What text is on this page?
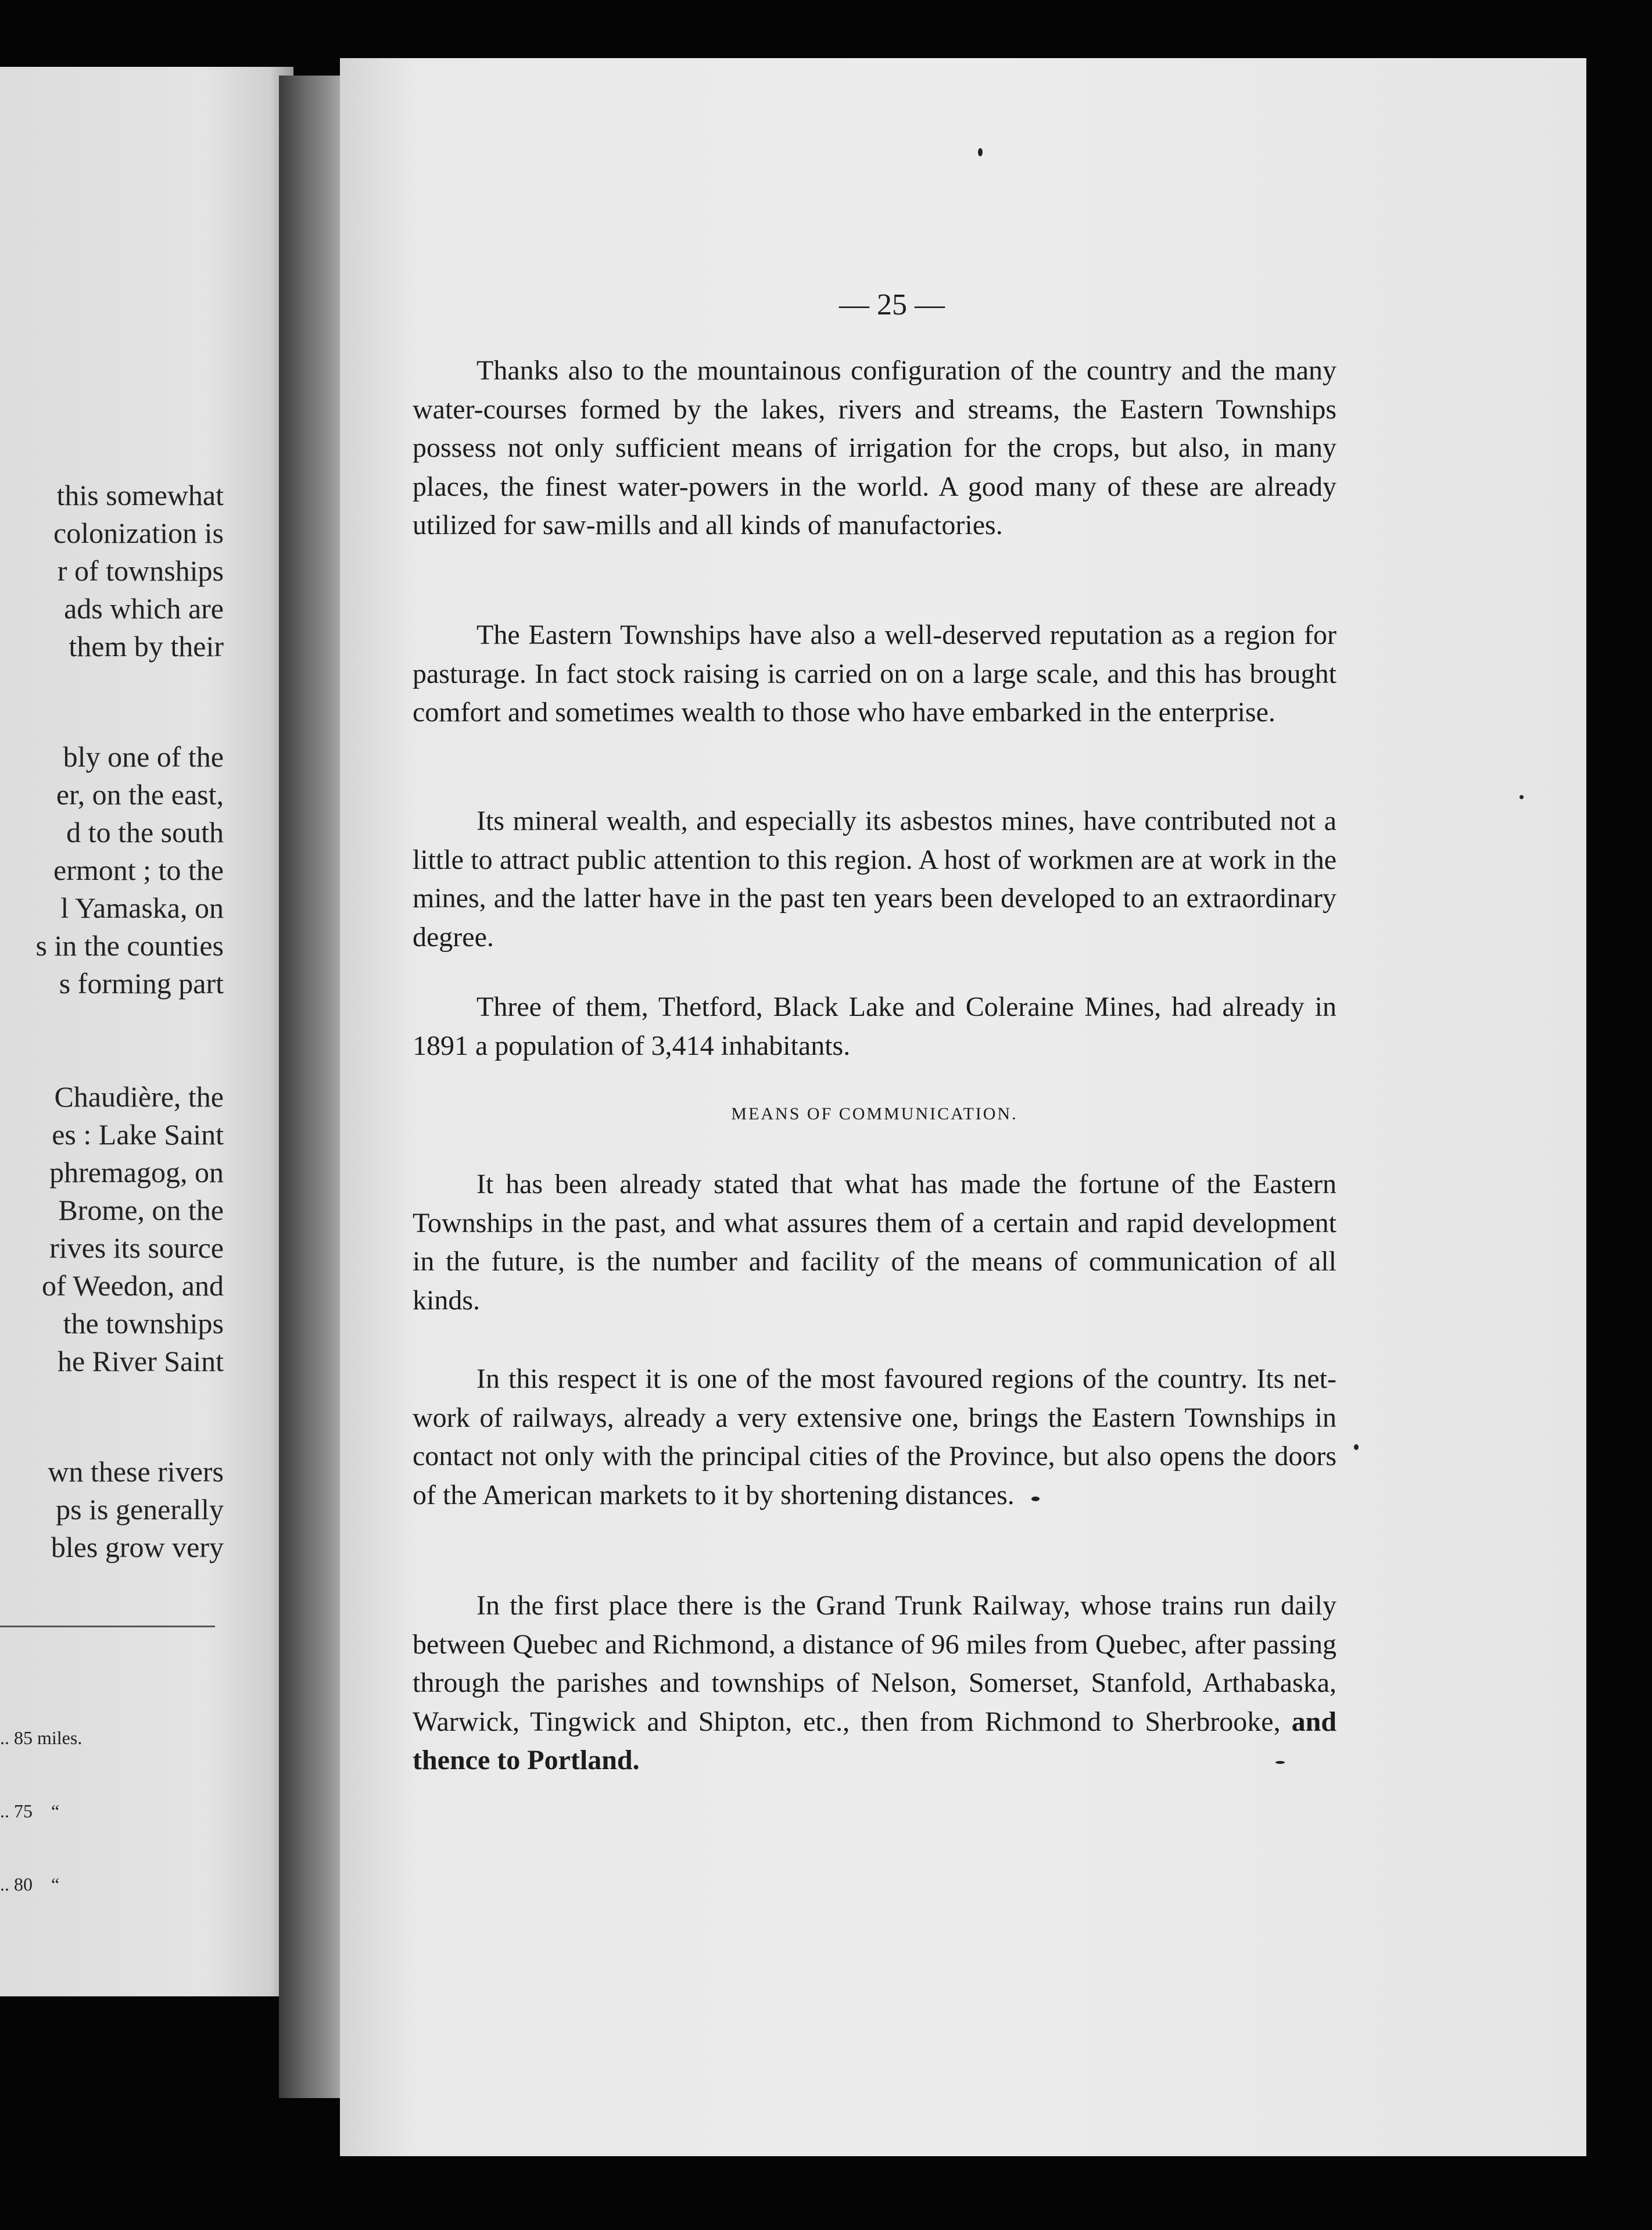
this somewhat
colonization is
r of townships
ads which are
them by their
bly one of the
er, on the east,
d to the south
ermont ; to the
l Yamaska, on
s in the counties
s forming part
Chaudière, the
es : Lake Saint
phremagog, on
Brome, on the
rives its source
of Weedon, and
the townships
he River Saint
wn these rivers
ps is generally
bles grow very

.. 85 miles.

.. 75    “

.. 80    “

— 25 —
Thanks also to the mountainous configuration of the country and the many water-courses formed by the lakes, rivers and streams, the Eastern Townships possess not only sufficient means of irrigation for the crops, but also, in many places, the finest water-powers in the world. A good many of these are already utilized for saw-mills and all kinds of manufactories.
The Eastern Townships have also a well-deserved reputation as a region for pasturage. In fact stock raising is carried on on a large scale, and this has brought comfort and sometimes wealth to those who have embarked in the enterprise.
Its mineral wealth, and especially its asbestos mines, have contributed not a little to attract public attention to this region. A host of workmen are at work in the mines, and the latter have in the past ten years been developed to an extraordinary degree.
Three of them, Thetford, Black Lake and Coleraine Mines, had already in 1891 a population of 3,414 inhabitants.
MEANS OF COMMUNICATION.
It has been already stated that what has made the fortune of the Eastern Townships in the past, and what assures them of a certain and rapid development in the future, is the number and facility of the means of communication of all kinds.
In this respect it is one of the most favoured regions of the country. Its net-work of railways, already a very extensive one, brings the Eastern Townships in contact not only with the principal cities of the Province, but also opens the doors of the American markets to it by shortening distances.
In the first place there is the Grand Trunk Railway, whose trains run daily between Quebec and Richmond, a distance of 96 miles from Quebec, after passing through the parishes and townships of Nelson, Somerset, Stanfold, Arthabaska, Warwick, Tingwick and Shipton, etc., then from Richmond to Sherbrooke, and thence to Portland.
